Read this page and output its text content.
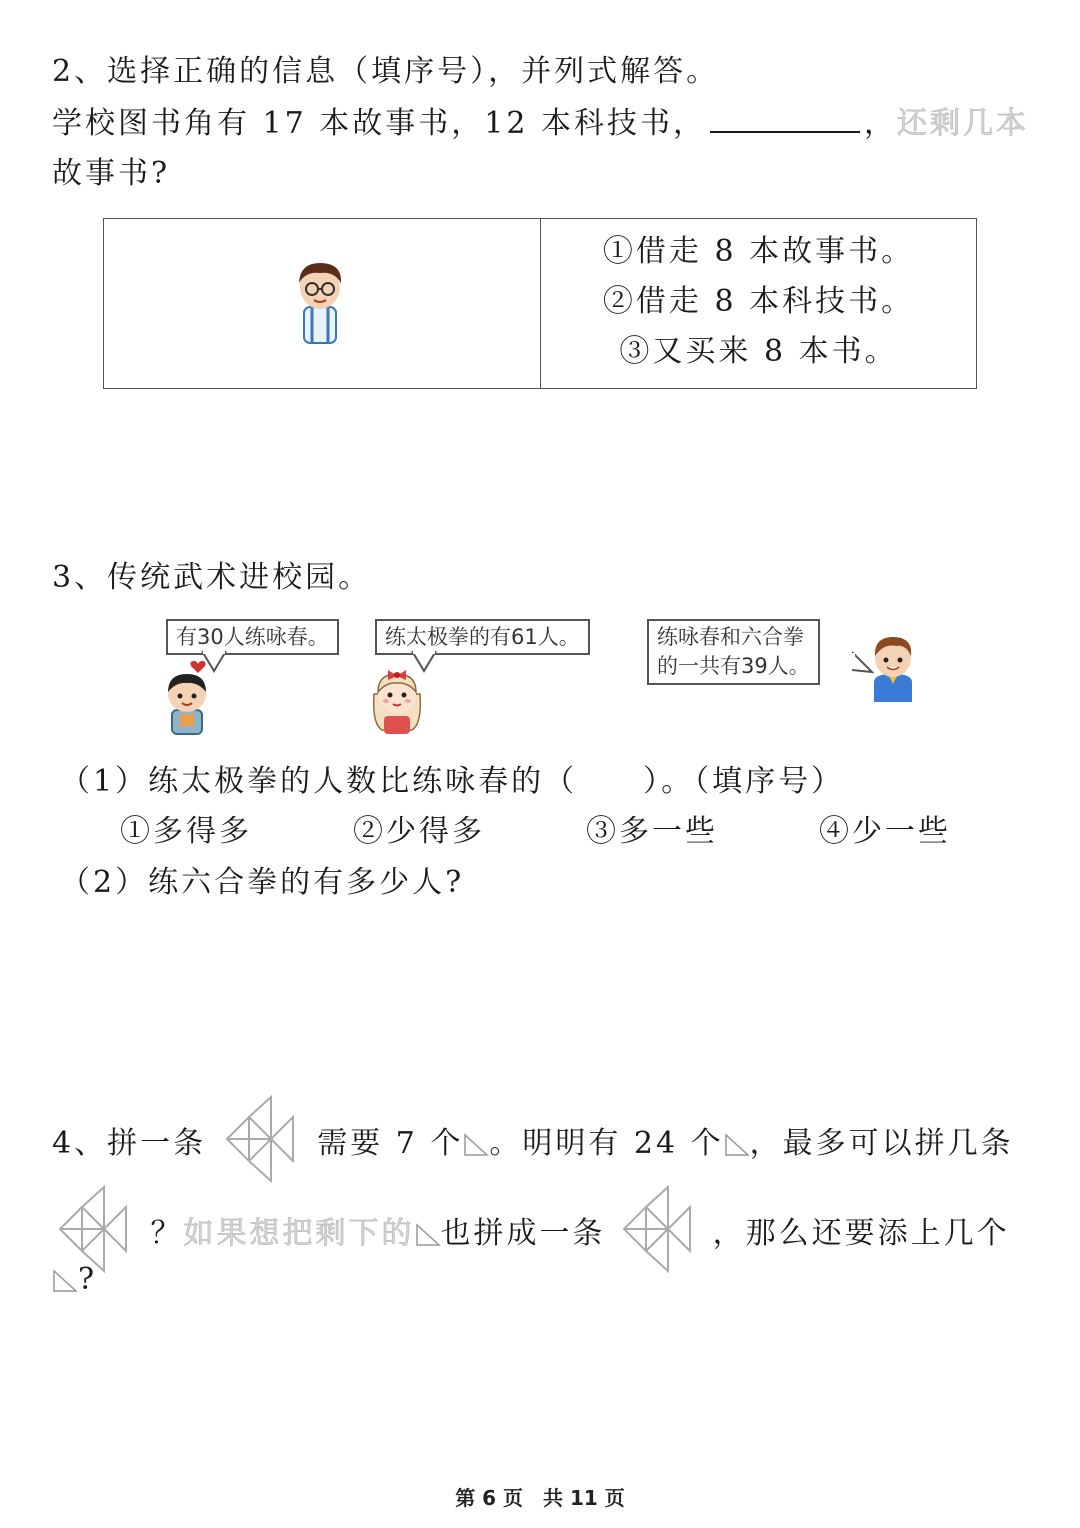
2、选择正确的信息（填序号），并列式解答。
学校图书角有 17 本故事书，12 本科技书，	，还剩几本
故事书?
①借走 8 本故事书。
②借走 8 本科技书。
③又买来 8 本书。
3、传统武术进校园。
有30人练咏春。	练太极拳的有61人。	练咏春和六合拳
的一共有39人。
（1）练太极拳的人数比练咏春的（　　）。（填序号）
①多得多	②少得多	③多一些	④少一些
（2）练六合拳的有多少人?
4、拼一条	需要 7 个 。明明有 24 个 ，最多可以拼几条
？如果想把剩下的 也拼成一条	，那么还要添上几个
?
第 6 页　共 11 页
